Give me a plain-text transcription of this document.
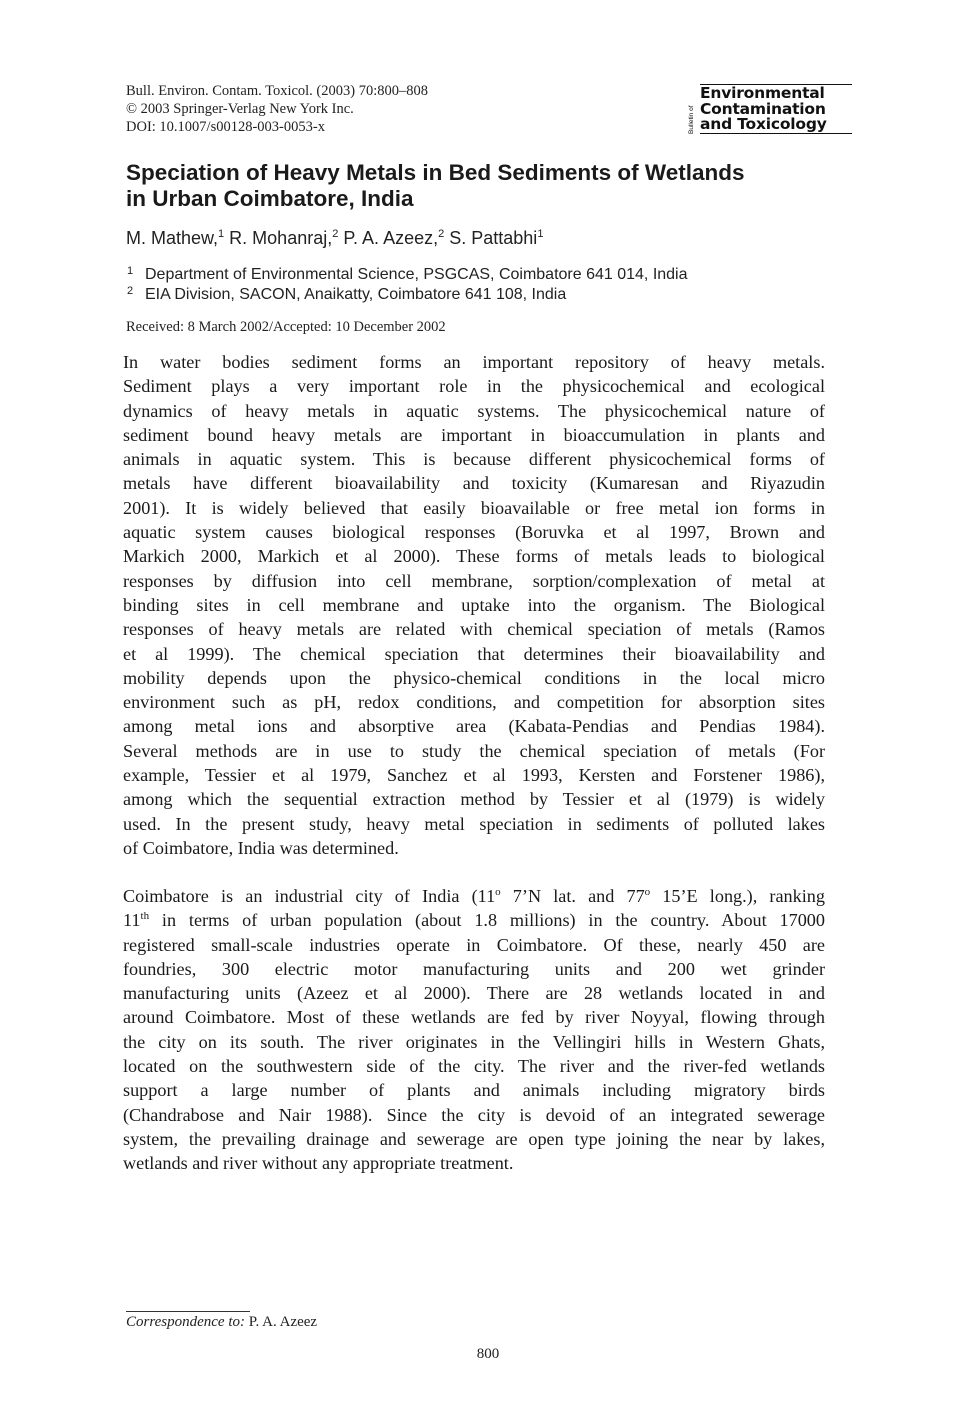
Bull. Environ. Contam. Toxicol. (2003) 70:800–808
© 2003 Springer-Verlag New York Inc.
DOI: 10.1007/s00128-003-0053-x	Bulletin of
Environmental
Contamination
and Toxicology
Speciation of Heavy Metals in Bed Sediments of Wetlands
in Urban Coimbatore, India
M. Mathew,$^1$ R. Mohanraj,$^2$ P. A. Azeez,$^2$ S. Pattabhi$^1$
1 Department of Environmental Science, PSGCAS, Coimbatore 641 014, India
2 EIA Division, SACON, Anaikatty, Coimbatore 641 108, India
Received: 8 March 2002/Accepted: 10 December 2002
In water bodies sediment forms an important repository of heavy metals.
Sediment plays a very important role in the physicochemical and ecological
dynamics of heavy metals in aquatic systems. The physicochemical nature of
sediment bound heavy metals are important in bioaccumulation in plants and
animals in aquatic system. This is because different physicochemical forms of
metals have different bioavailability and toxicity (Kumaresan and Riyazudin
2001). It is widely believed that easily bioavailable or free metal ion forms in
aquatic system causes biological responses (Boruvka et al 1997, Brown and
Markich 2000, Markich et al 2000). These forms of metals leads to biological
responses by diffusion into cell membrane, sorption/complexation of metal at
binding sites in cell membrane and uptake into the organism. The Biological
responses of heavy metals are related with chemical speciation of metals (Ramos
et al 1999). The chemical speciation that determines their bioavailability and
mobility depends upon the physico-chemical conditions in the local micro
environment such as pH, redox conditions, and competition for absorption sites
among metal ions and absorptive area (Kabata-Pendias and Pendias 1984).
Several methods are in use to study the chemical speciation of metals (For
example, Tessier et al 1979, Sanchez et al 1993, Kersten and Forstener 1986),
among which the sequential extraction method by Tessier et al (1979) is widely
used. In the present study, heavy metal speciation in sediments of polluted lakes
of Coimbatore, India was determined.
Coimbatore is an industrial city of India (11$^o$ 7’N lat. and 77$^o$ 15’E long.), ranking
11th in terms of urban population (about 1.8 millions) in the country. About 17000
registered small-scale industries operate in Coimbatore. Of these, nearly 450 are
foundries, 300 electric motor manufacturing units and 200 wet grinder
manufacturing units (Azeez et al 2000). There are 28 wetlands located in and
around Coimbatore. Most of these wetlands are fed by river Noyyal, flowing through
the city on its south. The river originates in the Vellingiri hills in Western Ghats,
located on the southwestern side of the city. The river and the river-fed wetlands
support a large number of plants and animals including migratory birds
(Chandrabose and Nair 1988). Since the city is devoid of an integrated sewerage
system, the prevailing drainage and sewerage are open type joining the near by lakes,
wetlands and river without any appropriate treatment.
Correspondence to: P. A. Azeez
800
